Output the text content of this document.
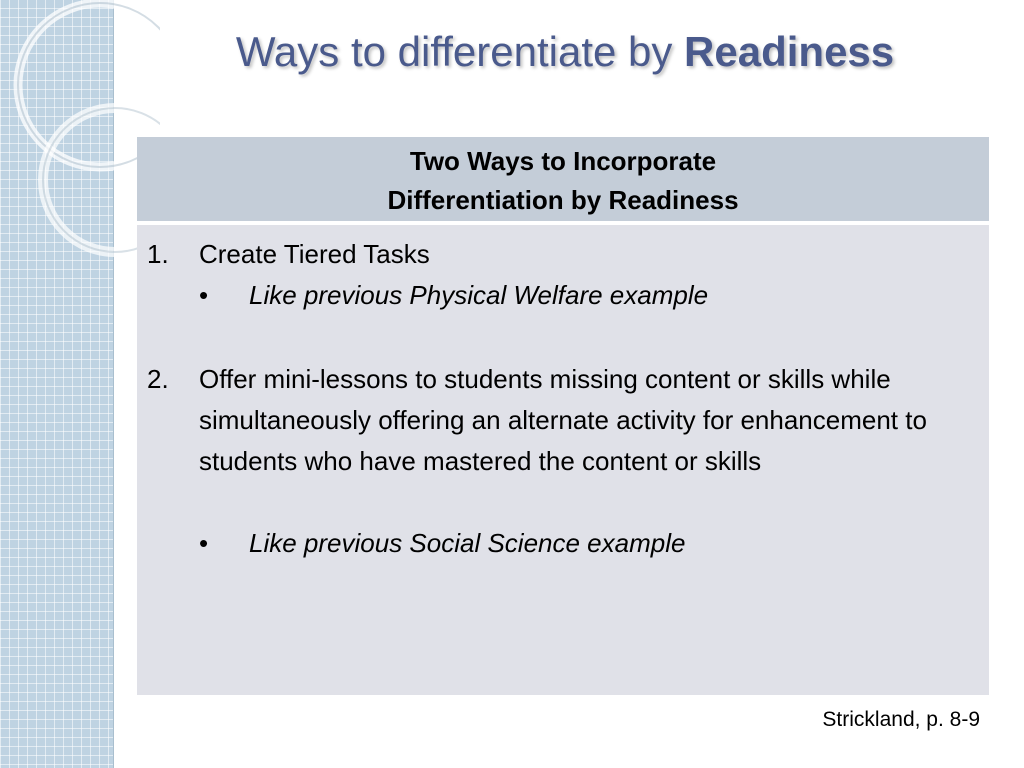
Ways to differentiate by Readiness
Two Ways to Incorporate
Differentiation by Readiness
1. Create Tiered Tasks
• Like previous Physical Welfare example
2. Offer mini-lessons to students missing content or skills while simultaneously offering an alternate activity for enhancement to students who have mastered the content or skills
• Like previous Social Science example
Strickland, p. 8-9
